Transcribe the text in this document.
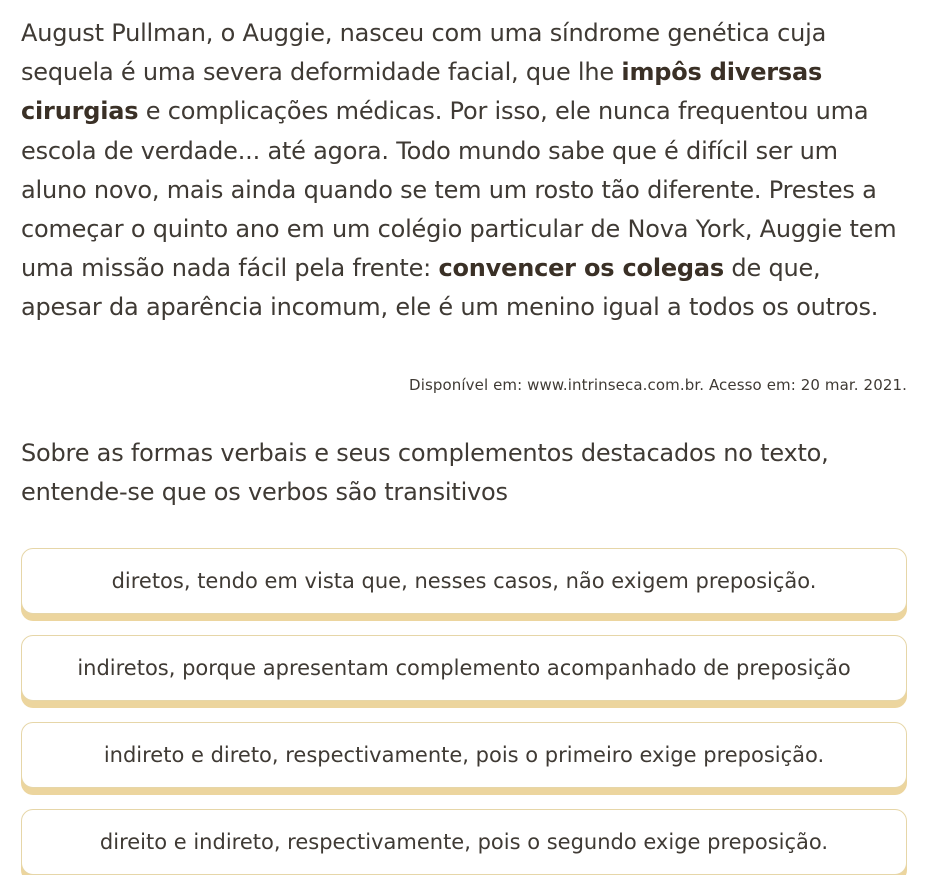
August Pullman, o Auggie, nasceu com uma síndrome genética cuja sequela é uma severa deformidade facial, que lhe impôs diversas cirurgias e complicações médicas. Por isso, ele nunca frequentou uma escola de verdade... até agora. Todo mundo sabe que é difícil ser um aluno novo, mais ainda quando se tem um rosto tão diferente. Prestes a começar o quinto ano em um colégio particular de Nova York, Auggie tem uma missão nada fácil pela frente: convencer os colegas de que, apesar da aparência incomum, ele é um menino igual a todos os outros.

Disponível em: www.intrinseca.com.br. Acesso em: 20 mar. 2021.

Sobre as formas verbais e seus complementos destacados no texto, entende-se que os verbos são transitivos

diretos, tendo em vista que, nesses casos, não exigem preposição.
indiretos, porque apresentam complemento acompanhado de preposição
indireto e direto, respectivamente, pois o primeiro exige preposição.
direito e indireto, respectivamente, pois o segundo exige preposição.
